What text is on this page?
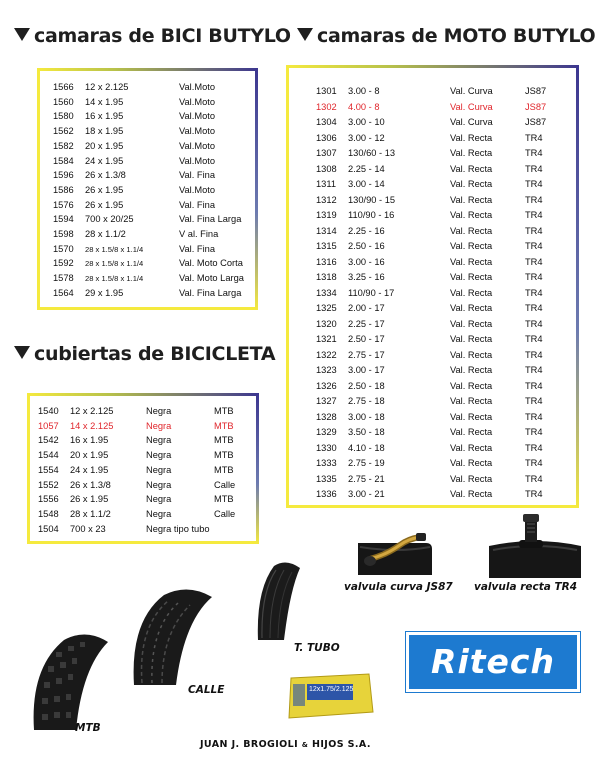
camaras de BICI BUTYLO	camaras de MOTO BUTYLO
cubiertas de BICICLETA
1566 12 x 2.125	Val.Moto
1560 14 x 1.95	Val.Moto
1580 16 x 1.95	Val.Moto
1562 18 x 1.95	Val.Moto
1582 20 x 1.95	Val.Moto
1584 24 x 1.95	Val.Moto
1596 26 x 1.3/8	Val. Fina
1586 26 x 1.95	Val.Moto
1576 26 x 1.95	Val. Fina
1594 700 x 20/25	Val. Fina Larga
1598 28 x 1.1/2	V al. Fina
1570 28 x 1.5/8 x 1.1/4	Val. Fina
1592 28 x 1.5/8 x 1.1/4	Val. Moto Corta
1578 28 x 1.5/8 x 1.1/4	Val. Moto Larga
1564 29 x 1.95	Val. Fina Larga
1540 12 x 2.125	Negra	MTB
1057 14 x 2.125	Negra	MTB
1542 16 x 1.95	Negra	MTB
1544 20 x 1.95	Negra	MTB
1554 24 x 1.95	Negra	MTB
1552 26 x 1.3/8	Negra	Calle
1556 26 x 1.95	Negra	MTB
1548 28 x 1.1/2	Negra	Calle
1504 700 x 23	Negra tipo tubo
1301 3.00 - 8	Val. Curva	JS87
1302 4.00 - 8	Val. Curva	JS87
1304 3.00 - 10	Val. Curva	JS87
1306 3.00 - 12	Val. Recta	TR4
1307 130/60 - 13	Val. Recta	TR4
1308 2.25 - 14	Val. Recta	TR4
1311 3.00 - 14	Val. Recta	TR4
1312 130/90 - 15	Val. Recta	TR4
1319 110/90 - 16	Val. Recta	TR4
1314 2.25 - 16	Val. Recta	TR4
1315 2.50 - 16	Val. Recta	TR4
1316 3.00 - 16	Val. Recta	TR4
1318 3.25 - 16	Val. Recta	TR4
1334 110/90 - 17	Val. Recta	TR4
1325 2.00 - 17	Val. Recta	TR4
1320 2.25 - 17	Val. Recta	TR4
1321 2.50 - 17	Val. Recta	TR4
1322 2.75 - 17	Val. Recta	TR4
1323 3.00 - 17	Val. Recta	TR4
1326 2.50 - 18	Val. Recta	TR4
1327 2.75 - 18	Val. Recta	TR4
1328 3.00 - 18	Val. Recta	TR4
1329 3.50 - 18	Val. Recta	TR4
1330 4.10 - 18	Val. Recta	TR4
1333 2.75 - 19	Val. Recta	TR4
1335 2.75 - 21	Val. Recta	TR4
1336 3.00 - 21	Val. Recta	TR4
valvula curva JS87 valvula recta TR4
T. TUBO
CALLE	12x1.75/2.125
MTB
Ritech
JUAN J. BROGIOLI & HIJOS S.A.
